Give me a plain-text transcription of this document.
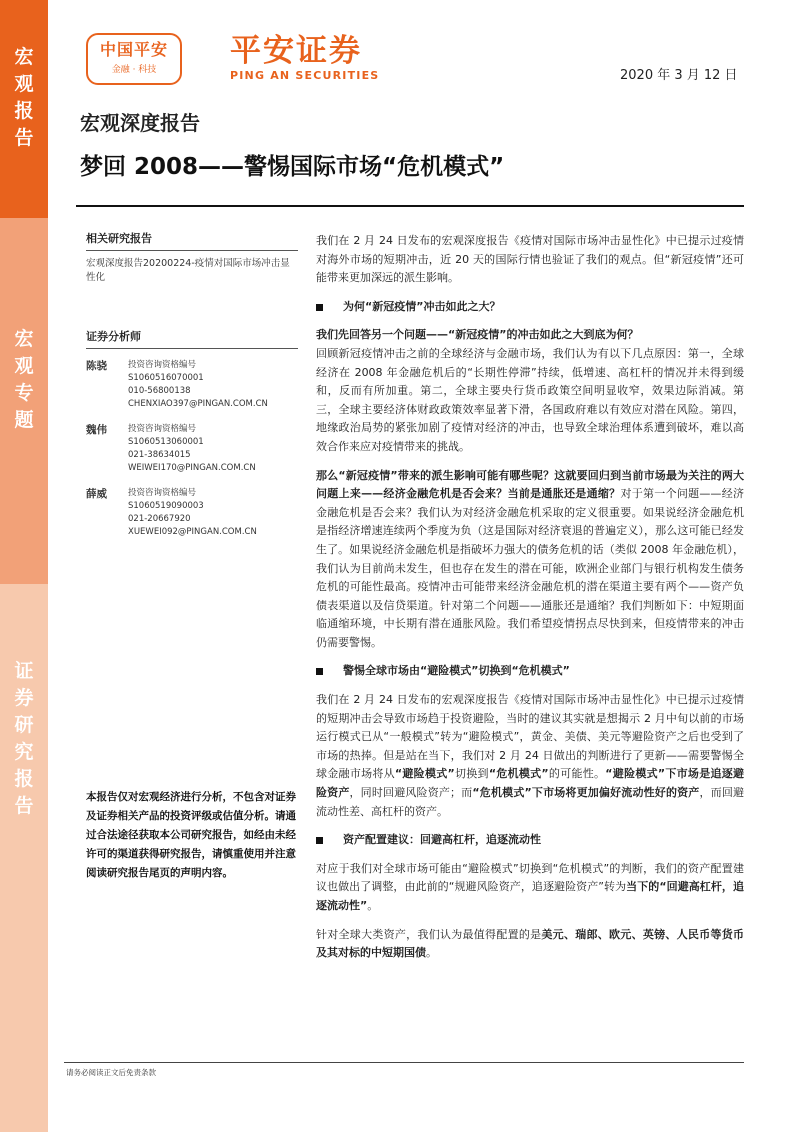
宏观报告
宏观专题
证券研究报告
中国平安
金融 · 科技
平安证券
PING AN SECURITIES	2020 年 3 月 12 日
宏观深度报告
梦回 2008——警惕国际市场“危机模式”
相关研究报告
宏观深度报告20200224-疫情对国际市场冲击显性化
证券分析师
陈骁	投资咨询资格编号
S1060516070001
010-56800138
CHENXIAO397@PINGAN.COM.CN
魏伟	投资咨询资格编号
S1060513060001
021-38634015
WEIWEI170@PINGAN.COM.CN
薛威	投资咨询资格编号
S1060519090003
021-20667920
XUEWEI092@PINGAN.COM.CN
本报告仅对宏观经济进行分析，不包含对证券及证券相关产品的投资评级或估值分析。请通过合法途径获取本公司研究报告，如经由未经许可的渠道获得研究报告，请慎重使用并注意阅读研究报告尾页的声明内容。

我们在 2 月 24 日发布的宏观深度报告《疫情对国际市场冲击显性化》中已提示过疫情对海外市场的短期冲击，近 20 天的国际行情也验证了我们的观点。但“新冠疫情”还可能带来更加深远的派生影响。

为何“新冠疫情”冲击如此之大？

我们先回答另一个问题——“新冠疫情”的冲击如此之大到底为何？

回顾新冠疫情冲击之前的全球经济与金融市场，我们认为有以下几点原因：第一，全球经济在 2008 年金融危机后的“长期性停滞”持续，低增速、高杠杆的情况并未得到缓和，反而有所加重。第二，全球主要央行货币政策空间明显收窄，效果边际消减。第三，全球主要经济体财政政策效率显著下滑，各国政府难以有效应对潜在风险。第四，地缘政治局势的紧张加剧了疫情对经济的冲击，也导致全球治理体系遭到破坏，难以高效合作来应对疫情带来的挑战。

那么“新冠疫情”带来的派生影响可能有哪些呢？这就要回归到当前市场最为关注的两大问题上来——经济金融危机是否会来？当前是通胀还是通缩？对于第一个问题——经济金融危机是否会来？我们认为对经济金融危机采取的定义很重要。如果说经济金融危机是指经济增速连续两个季度为负（这是国际对经济衰退的普遍定义），那么这可能已经发生了。如果说经济金融危机是指破坏力强大的债务危机的话（类似 2008 年金融危机），我们认为目前尚未发生，但也存在发生的潜在可能，欧洲企业部门与银行机构发生债务危机的可能性最高。疫情冲击可能带来经济金融危机的潜在渠道主要有两个——资产负债表渠道以及信贷渠道。针对第二个问题——通胀还是通缩？我们判断如下：中短期面临通缩环境，中长期有潜在通胀风险。我们希望疫情拐点尽快到来，但疫情带来的冲击仍需要警惕。

警惕全球市场由“避险模式”切换到“危机模式”

我们在 2 月 24 日发布的宏观深度报告《疫情对国际市场冲击显性化》中已提示过疫情的短期冲击会导致市场趋于投资避险，当时的建议其实就是想揭示 2 月中旬以前的市场运行模式已从“一般模式”转为“避险模式”，黄金、美债、美元等避险资产之后也受到了市场的热捧。但是站在当下，我们对 2 月 24 日做出的判断进行了更新——需要警惕全球金融市场将从“避险模式”切换到“危机模式”的可能性。“避险模式”下市场是追逐避险资产，同时回避风险资产；而“危机模式”下市场将更加偏好流动性好的资产，而回避流动性差、高杠杆的资产。

资产配置建议：回避高杠杆，追逐流动性

对应于我们对全球市场可能由“避险模式”切换到“危机模式”的判断，我们的资产配置建议也做出了调整，由此前的“规避风险资产，追逐避险资产”转为当下的“回避高杠杆，追逐流动性”。

针对全球大类资产，我们认为最值得配置的是美元、瑞郎、欧元、英镑、人民币等货币及其对标的中短期国债。

请务必阅读正文后免责条款
